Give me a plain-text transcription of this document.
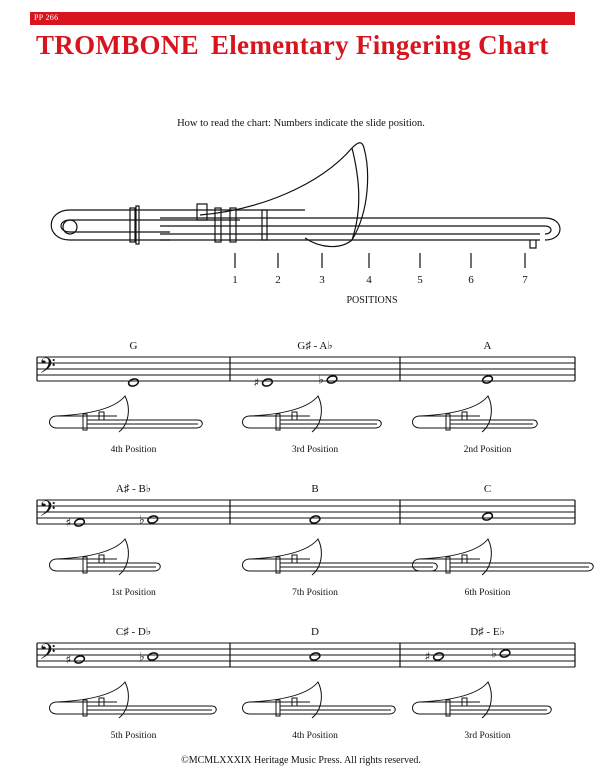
PP 266
TROMBONE Elementary Fingering Chart
How to read the chart: Numbers indicate the slide position.
1	2	3	4	5	6	7
POSITIONS
𝄢
G
4th Position
G♯ - A♭
♯	♭
3rd Position
A
2nd Position
𝄢
A♯ - B♭
♯	♭
1st Position
B
7th Position
C
6th Position
𝄢
C♯ - D♭
♯	♭
5th Position
D
4th Position
D♯ - E♭
♯	♭
3rd Position
©MCMLXXXIX Heritage Music Press. All rights reserved.
